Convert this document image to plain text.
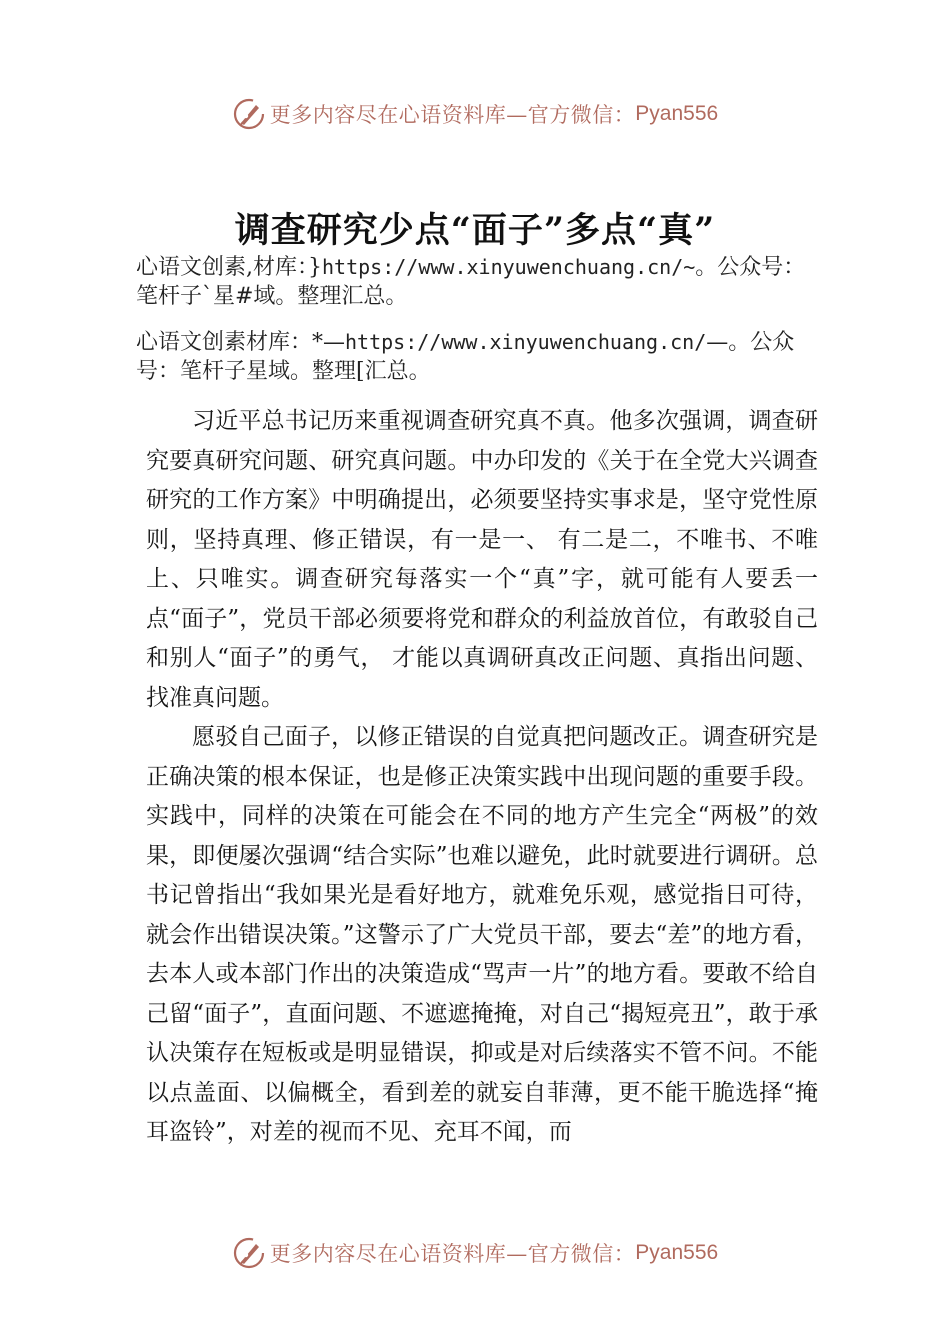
更多内容尽在心语资料库—官方微信： Pyan556
调查研究少点“面子”多点“真”
心语文创素,材库：}https://www.xinyuwenchuang.cn/~。公众号：笔杆子`星#域。整理汇总。
心语文创素材库：*—https://www.xinyuwenchuang.cn/—。公众号：笔杆子星域。整理[汇总。

习近平总书记历来重视调查研究真不真。他多次强调，调查研究要真研究问题、研究真问题。中办印发的《关于在全党大兴调查研究的工作方案》中明确提出，必须要坚持实事求是，坚守党性原则，坚持真理、修正错误，有一是一、 有二是二，不唯书、不唯上、只唯实。调查研究每落实一个“真”字，就可能有人要丢一点“面子”，党员干部必须要将党和群众的利益放首位，有敢驳自己和别人“面子”的勇气， 才能以真调研真改正问题、真指出问题、找准真问题。

愿驳自己面子，以修正错误的自觉真把问题改正。调查研究是正确决策的根本保证，也是修正决策实践中出现问题的重要手段。实践中，同样的决策在可能会在不同的地方产生完全“两极”的效果，即便屡次强调“结合实际”也难以避免，此时就要进行调研。总书记曾指出“我如果光是看好地方，就难免乐观，感觉指日可待，就会作出错误决策。”这警示了广大党员干部，要去“差”的地方看，去本人或本部门作出的决策造成“骂声一片”的地方看。要敢不给自己留“面子”，直面问题、不遮遮掩掩，对自己“揭短亮丑”，敢于承认决策存在短板或是明显错误，抑或是对后续落实不管不问。不能以点盖面、以偏概全，看到差的就妄自菲薄，更不能干脆选择“掩耳盗铃”，对差的视而不见、充耳不闻，而

更多内容尽在心语资料库—官方微信： Pyan556
